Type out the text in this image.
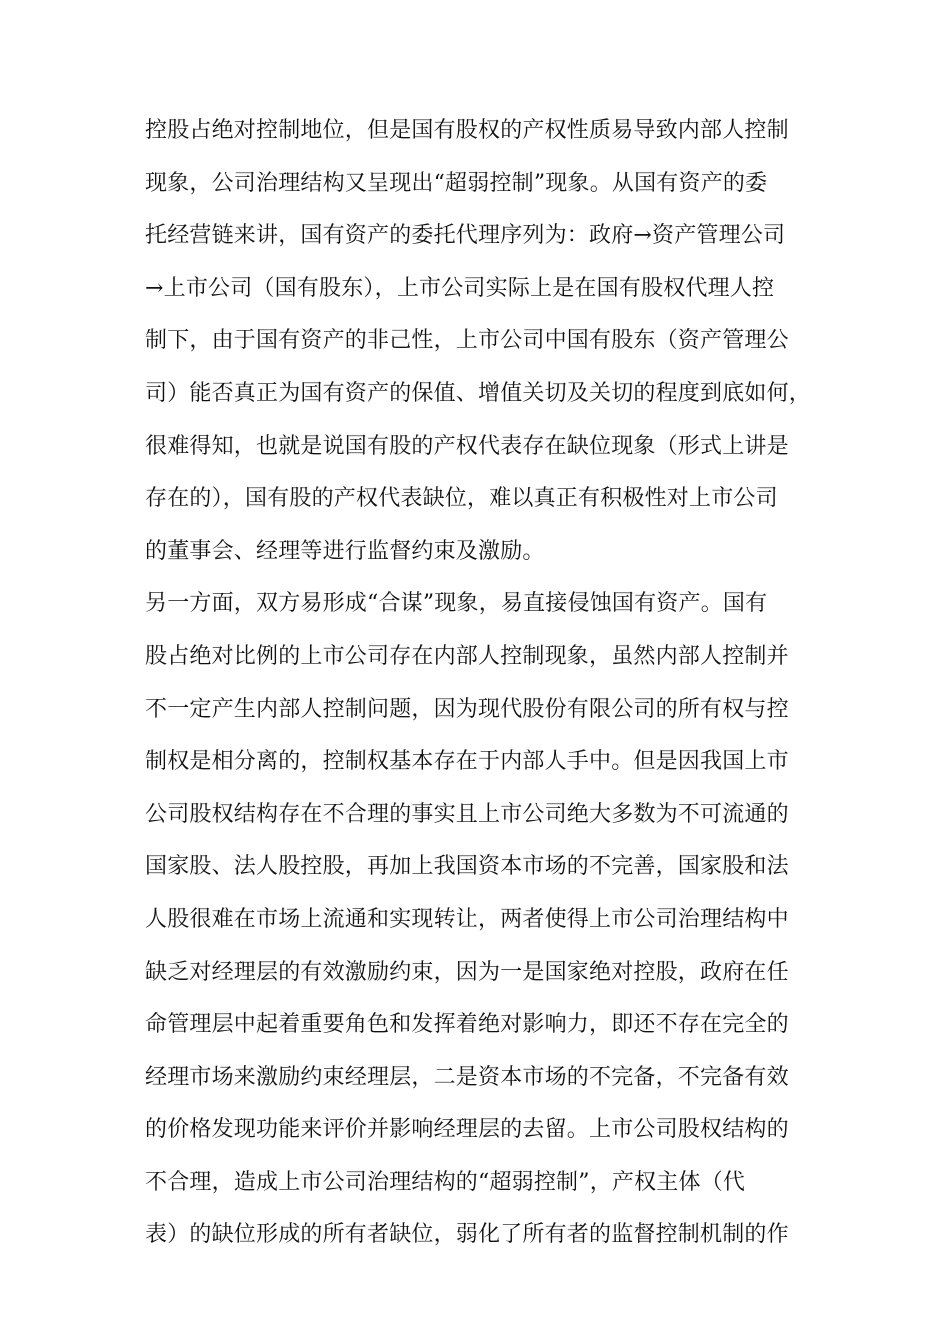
控股占绝对控制地位，但是国有股权的产权性质易导致内部人控制
现象，公司治理结构又呈现出“超弱控制”现象。从国有资产的委
托经营链来讲，国有资产的委托代理序列为：政府→资产管理公司
→上市公司（国有股东），上市公司实际上是在国有股权代理人控
制下，由于国有资产的非己性，上市公司中国有股东（资产管理公
司）能否真正为国有资产的保值、增值关切及关切的程度到底如何，
很难得知，也就是说国有股的产权代表存在缺位现象（形式上讲是
存在的），国有股的产权代表缺位，难以真正有积极性对上市公司
的董事会、经理等进行监督约束及激励。
另一方面，双方易形成“合谋”现象，易直接侵蚀国有资产。国有
股占绝对比例的上市公司存在内部人控制现象，虽然内部人控制并
不一定产生内部人控制问题，因为现代股份有限公司的所有权与控
制权是相分离的，控制权基本存在于内部人手中。但是因我国上市
公司股权结构存在不合理的事实且上市公司绝大多数为不可流通的
国家股、法人股控股，再加上我国资本市场的不完善，国家股和法
人股很难在市场上流通和实现转让，两者使得上市公司治理结构中
缺乏对经理层的有效激励约束，因为一是国家绝对控股，政府在任
命管理层中起着重要角色和发挥着绝对影响力，即还不存在完全的
经理市场来激励约束经理层，二是资本市场的不完备，不完备有效
的价格发现功能来评价并影响经理层的去留。上市公司股权结构的
不合理，造成上市公司治理结构的“超弱控制”，产权主体（代
表）的缺位形成的所有者缺位，弱化了所有者的监督控制机制的作
